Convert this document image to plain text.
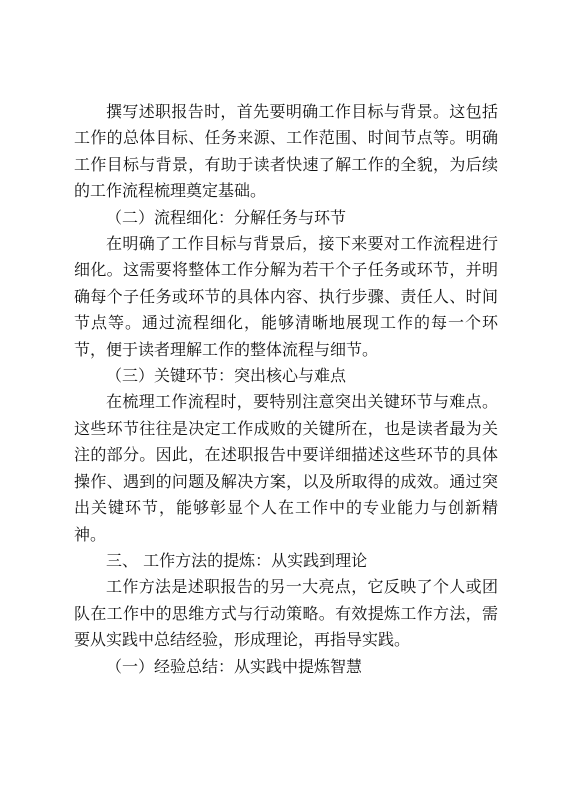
撰写述职报告时，首先要明确工作目标与背景。这包括工作的总体目标、任务来源、工作范围、时间节点等。明确工作目标与背景，有助于读者快速了解工作的全貌，为后续的工作流程梳理奠定基础。

（二）流程细化：分解任务与环节

在明确了工作目标与背景后，接下来要对工作流程进行细化。这需要将整体工作分解为若干个子任务或环节，并明确每个子任务或环节的具体内容、执行步骤、责任人、时间节点等。通过流程细化，能够清晰地展现工作的每一个环节，便于读者理解工作的整体流程与细节。

（三）关键环节：突出核心与难点

在梳理工作流程时，要特别注意突出关键环节与难点。这些环节往往是决定工作成败的关键所在，也是读者最为关注的部分。因此，在述职报告中要详细描述这些环节的具体操作、遇到的问题及解决方案，以及所取得的成效。通过突出关键环节，能够彰显个人在工作中的专业能力与创新精神。

三、 工作方法的提炼：从实践到理论

工作方法是述职报告的另一大亮点，它反映了个人或团队在工作中的思维方式与行动策略。有效提炼工作方法，需要从实践中总结经验，形成理论，再指导实践。

（一）经验总结：从实践中提炼智慧
